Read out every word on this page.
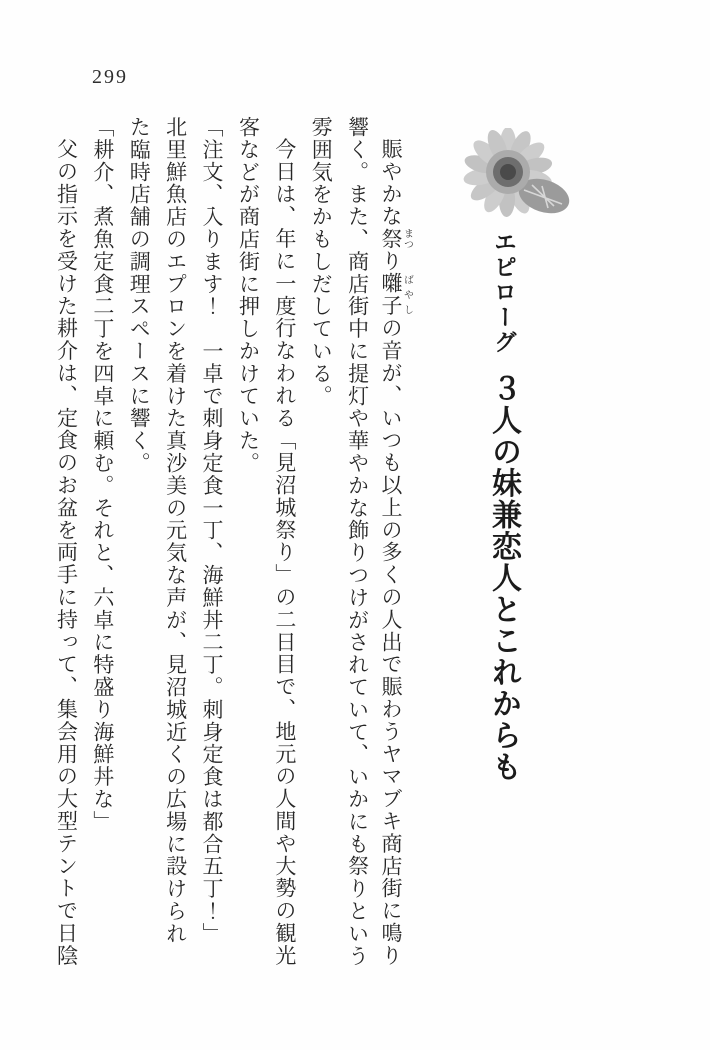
299
エピローグ３人の妹兼恋人とこれからも
賑やかな祭まつり囃子ばやしの音が、いつも以上の多くの人出で賑わうヤマブキ商店街に鳴り
響く。また、商店街中に提灯や華やかな飾りつけがされていて、いかにも祭りという
雰囲気をかもしだしている。
今日は、年に一度行なわれる「見沼城祭り」の二日目で、地元の人間や大勢の観光
客などが商店街に押しかけていた。
「注文、入ります！　一卓で刺身定食一丁、海鮮丼二丁。刺身定食は都合五丁！」
北里鮮魚店のエプロンを着けた真沙美の元気な声が、見沼城近くの広場に設けられ
た臨時店舗の調理スペースに響く。
「耕介、煮魚定食二丁を四卓に頼む。それと、六卓に特盛り海鮮丼な」
父の指示を受けた耕介は、定食のお盆を両手に持って、集会用の大型テントで日陰
